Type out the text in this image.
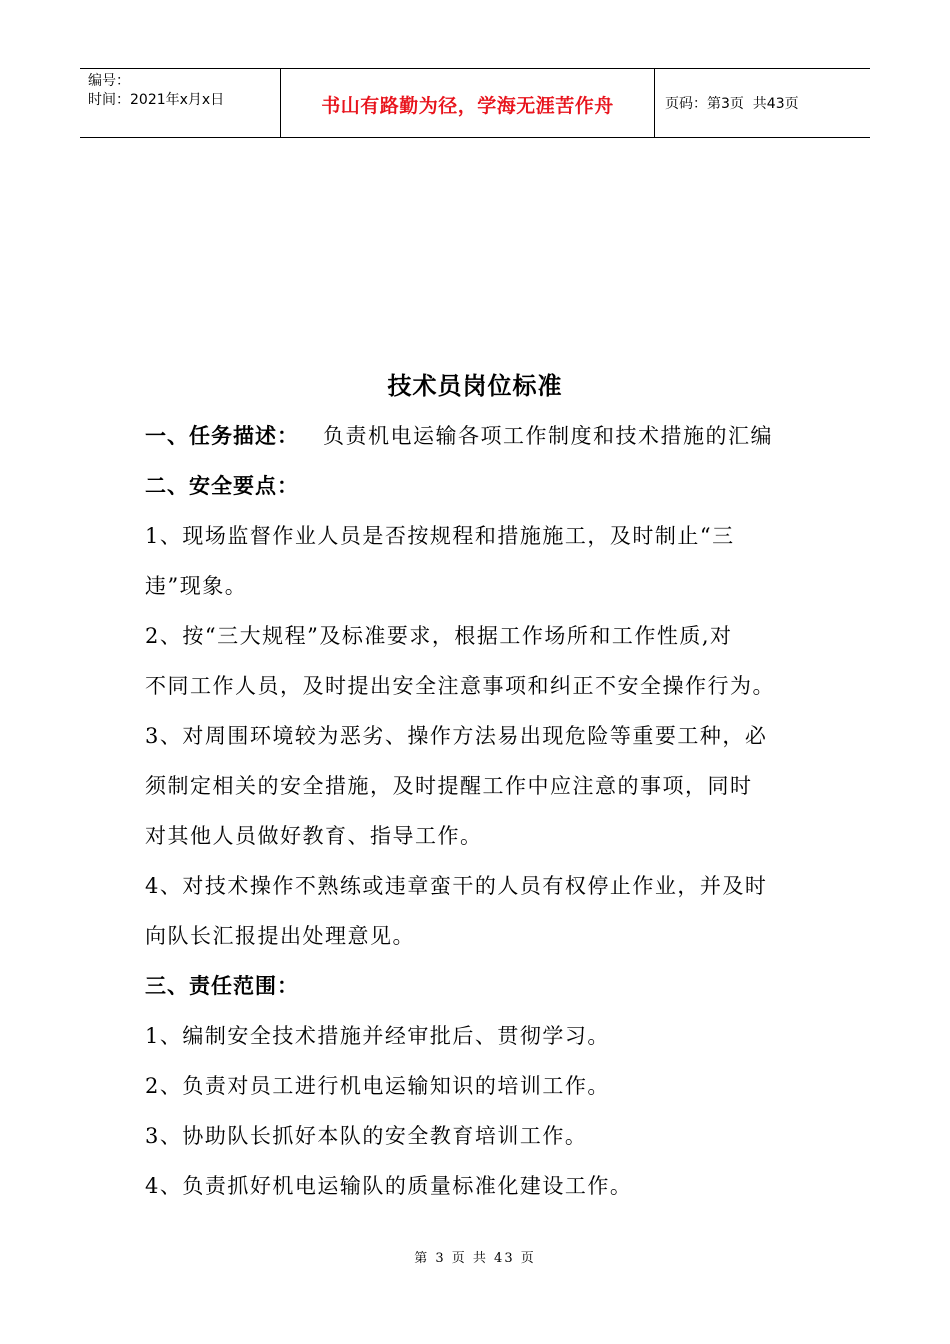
编号：
时间：2021年x月x日	书山有路勤为径，学海无涯苦作舟	页码：第3页  共43页
技术员岗位标准
一、任务描述： 负责机电运输各项工作制度和技术措施的汇编
二、安全要点：
1、现场监督作业人员是否按规程和措施施工，及时制止“三
违”现象。
2、按“三大规程”及标准要求，根据工作场所和工作性质,对
不同工作人员，及时提出安全注意事项和纠正不安全操作行为。
3、对周围环境较为恶劣、操作方法易出现危险等重要工种，必
须制定相关的安全措施，及时提醒工作中应注意的事项，同时
对其他人员做好教育、指导工作。
4、对技术操作不熟练或违章蛮干的人员有权停止作业，并及时
向队长汇报提出处理意见。
三、责任范围：
1、编制安全技术措施并经审批后、贯彻学习。
2、负责对员工进行机电运输知识的培训工作。
3、协助队长抓好本队的安全教育培训工作。
4、负责抓好机电运输队的质量标准化建设工作。
第 3 页 共 43 页
